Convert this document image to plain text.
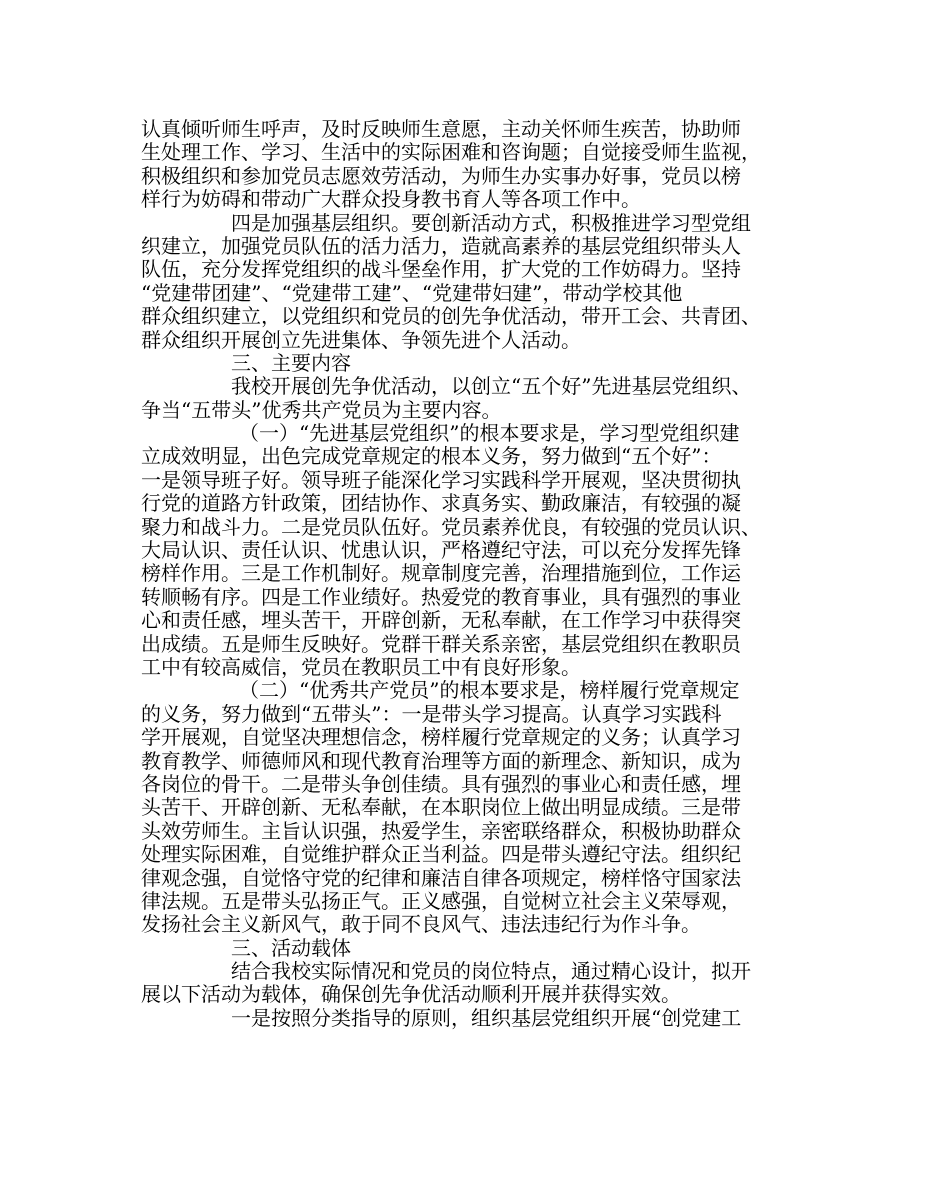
认真倾听师生呼声，及时反映师生意愿，主动关怀师生疾苦，协助师
生处理工作、学习、生活中的实际困难和咨询题；自觉接受师生监视，
积极组织和参加党员志愿效劳活动，为师生办实事办好事，党员以榜
样行为妨碍和带动广大群众投身教书育人等各项工作中。
四是加强基层组织。要创新活动方式，积极推进学习型党组
织建立，加强党员队伍的活力活力，造就高素养的基层党组织带头人
队伍，充分发挥党组织的战斗堡垒作用，扩大党的工作妨碍力。坚持
“党建带团建”、“党建带工建”、“党建带妇建”，带动学校其他
群众组织建立，以党组织和党员的创先争优活动，带开工会、共青团、
群众组织开展创立先进集体、争领先进个人活动。
三、主要内容
我校开展创先争优活动，以创立“五个好”先进基层党组织、
争当“五带头”优秀共产党员为主要内容。
（一）“先进基层党组织”的根本要求是，学习型党组织建
立成效明显，出色完成党章规定的根本义务，努力做到“五个好”：
一是领导班子好。领导班子能深化学习实践科学开展观，坚决贯彻执
行党的道路方针政策，团结协作、求真务实、勤政廉洁，有较强的凝
聚力和战斗力。二是党员队伍好。党员素养优良，有较强的党员认识、
大局认识、责任认识、忧患认识，严格遵纪守法，可以充分发挥先锋
榜样作用。三是工作机制好。规章制度完善，治理措施到位，工作运
转顺畅有序。四是工作业绩好。热爱党的教育事业，具有强烈的事业
心和责任感，埋头苦干，开辟创新，无私奉献，在工作学习中获得突
出成绩。五是师生反映好。党群干群关系亲密，基层党组织在教职员
工中有较高威信，党员在教职员工中有良好形象。
（二）“优秀共产党员”的根本要求是，榜样履行党章规定
的义务，努力做到“五带头”：一是带头学习提高。认真学习实践科
学开展观，自觉坚决理想信念，榜样履行党章规定的义务；认真学习
教育教学、师德师风和现代教育治理等方面的新理念、新知识，成为
各岗位的骨干。二是带头争创佳绩。具有强烈的事业心和责任感，埋
头苦干、开辟创新、无私奉献，在本职岗位上做出明显成绩。三是带
头效劳师生。主旨认识强，热爱学生，亲密联络群众，积极协助群众
处理实际困难，自觉维护群众正当利益。四是带头遵纪守法。组织纪
律观念强，自觉恪守党的纪律和廉洁自律各项规定，榜样恪守国家法
律法规。五是带头弘扬正气。正义感强，自觉树立社会主义荣辱观，
发扬社会主义新风气，敢于同不良风气、违法违纪行为作斗争。
三、活动载体
结合我校实际情况和党员的岗位特点，通过精心设计，拟开
展以下活动为载体，确保创先争优活动顺利开展并获得实效。
一是按照分类指导的原则，组织基层党组织开展“创党建工
